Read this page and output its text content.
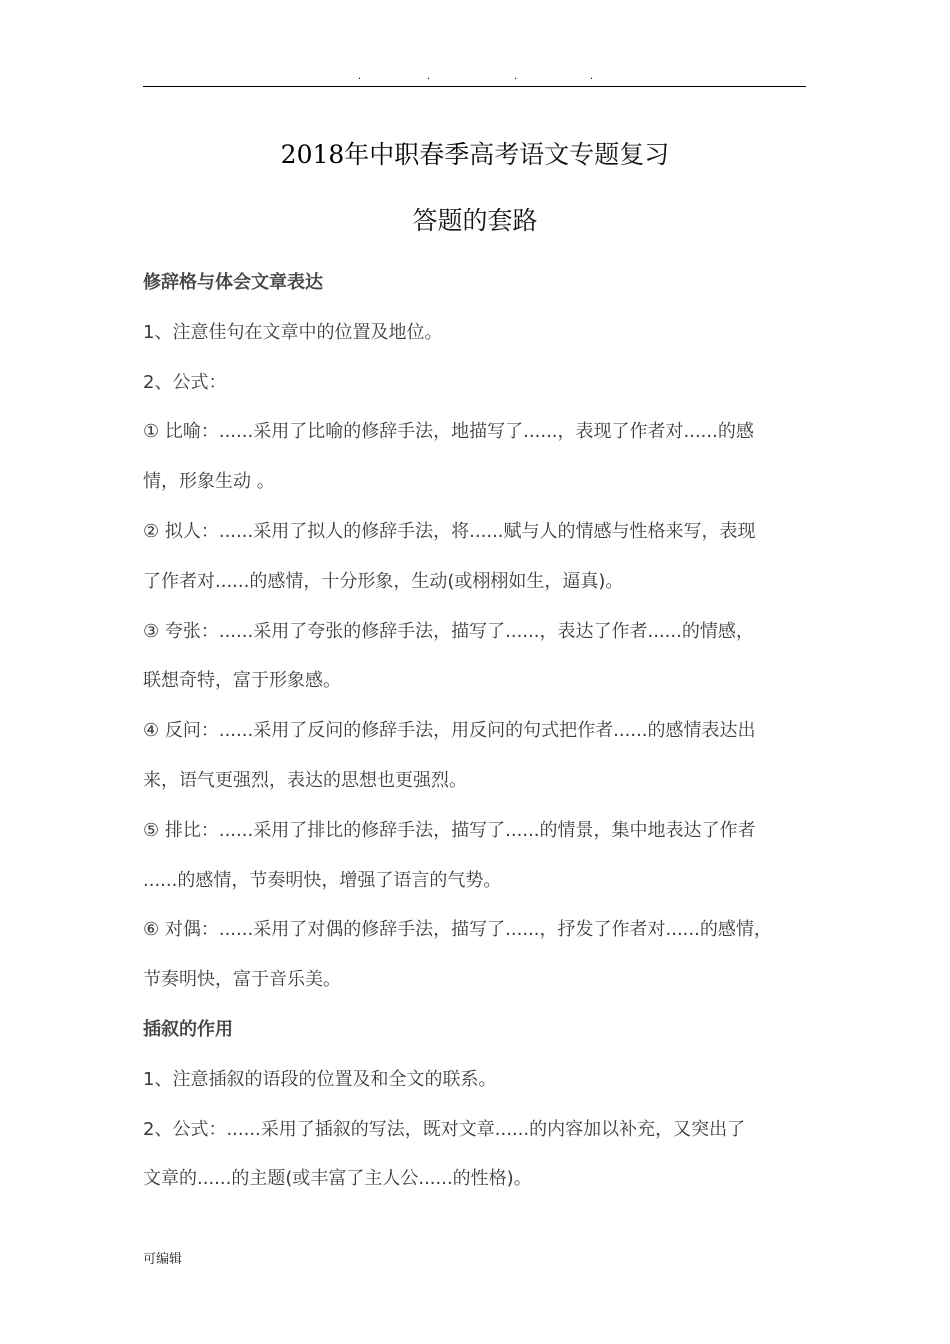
.	.	.	.
2018年中职春季高考语文专题复习
答题的套路
修辞格与体会文章表达
1、注意佳句在文章中的位置及地位。
2、公式：
① 比喻：......采用了比喻的修辞手法，地描写了......，表现了作者对......的感
情，形象生动 。
② 拟人：......采用了拟人的修辞手法，将......赋与人的情感与性格来写，表现
了作者对......的感情，十分形象，生动(或栩栩如生，逼真)。
③ 夸张：......采用了夸张的修辞手法，描写了......，表达了作者......的情感，
联想奇特，富于形象感。
④ 反问：......采用了反问的修辞手法，用反问的句式把作者......的感情表达出
来，语气更强烈，表达的思想也更强烈。
⑤ 排比：......采用了排比的修辞手法，描写了......的情景，集中地表达了作者
......的感情，节奏明快，增强了语言的气势。
⑥ 对偶：......采用了对偶的修辞手法，描写了......，抒发了作者对......的感情，
节奏明快，富于音乐美。
插叙的作用
1、注意插叙的语段的位置及和全文的联系。
2、公式：......采用了插叙的写法，既对文章......的内容加以补充，又突出了
文章的......的主题(或丰富了主人公......的性格)。
可编辑
